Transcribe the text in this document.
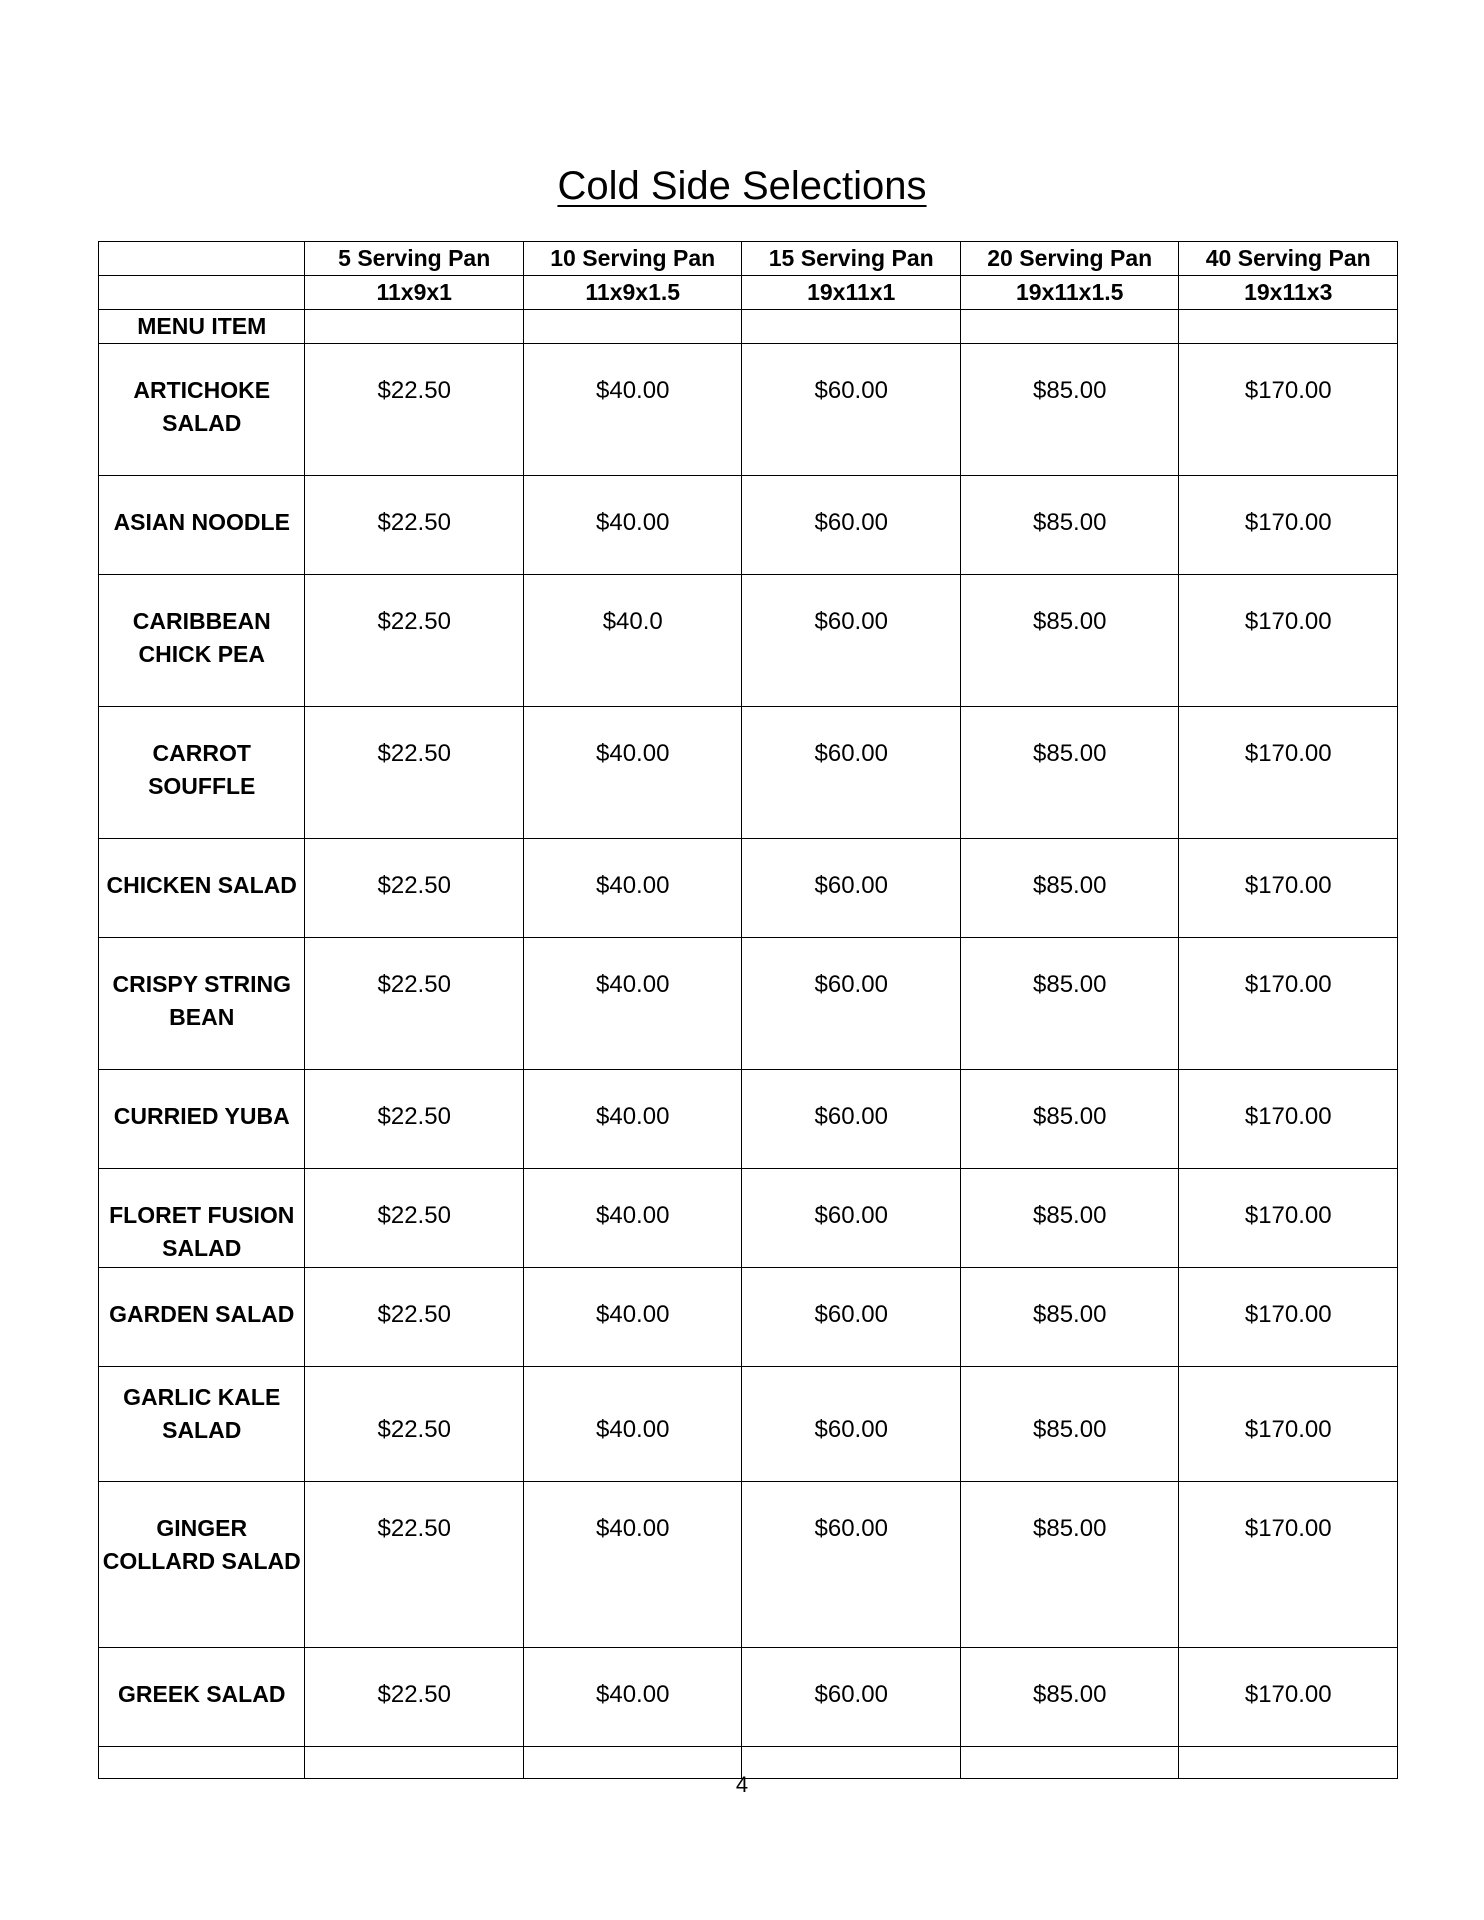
Cold Side Selections
	5 Serving Pan	10 Serving Pan	15 Serving Pan	20 Serving Pan	40 Serving Pan
	11x9x1	11x9x1.5	19x11x1	19x11x1.5	19x11x3
MENU ITEM					
ARTICHOKE SALAD	$22.50	$40.00	$60.00	$85.00	$170.00
ASIAN NOODLE	$22.50	$40.00	$60.00	$85.00	$170.00
CARIBBEAN CHICK PEA	$22.50	$40.0	$60.00	$85.00	$170.00
CARROT SOUFFLE	$22.50	$40.00	$60.00	$85.00	$170.00
CHICKEN SALAD	$22.50	$40.00	$60.00	$85.00	$170.00
CRISPY STRING BEAN	$22.50	$40.00	$60.00	$85.00	$170.00
CURRIED YUBA	$22.50	$40.00	$60.00	$85.00	$170.00
FLORET FUSION SALAD	$22.50	$40.00	$60.00	$85.00	$170.00
GARDEN SALAD	$22.50	$40.00	$60.00	$85.00	$170.00
GARLIC KALE SALAD	$22.50	$40.00	$60.00	$85.00	$170.00
GINGER COLLARD SALAD	$22.50	$40.00	$60.00	$85.00	$170.00
GREEK SALAD	$22.50	$40.00	$60.00	$85.00	$170.00

4
